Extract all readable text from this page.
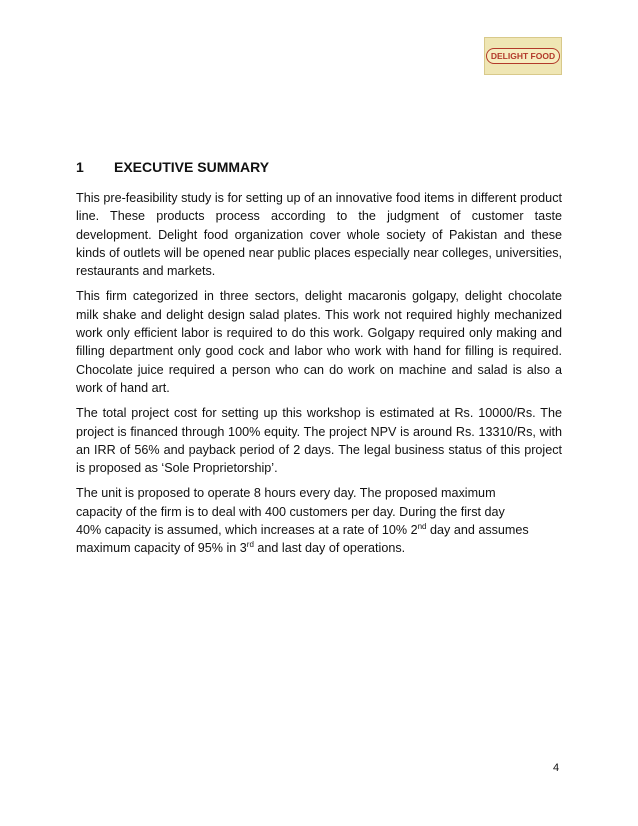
DELIGHT FOOD
1	EXECUTIVE SUMMARY

This pre-feasibility study is for setting up of an innovative food items in different product line. These products process according to the judgment of customer taste development. Delight food organization cover whole society of Pakistan and these kinds of outlets will be opened near public places especially near colleges, universities, restaurants and markets.

This firm categorized in three sectors, delight macaronis golgapy, delight chocolate milk shake and delight design salad plates. This work not required highly mechanized work only efficient labor is required to do this work. Golgapy required only making and filling department only good cock and labor who work with hand for filling is required. Chocolate juice required a person who can do work on machine and salad is also a work of hand art.

The total project cost for setting up this workshop is estimated at Rs. 10000/Rs. The project is financed through 100% equity. The project NPV is around Rs. 13310/Rs, with an IRR of 56% and payback period of 2 days. The legal business status of this project is proposed as ‘Sole Proprietorship’.

The unit is proposed to operate 8 hours every day. The proposed maximum
capacity of the firm is to deal with 400 customers per day. During the first day
40% capacity is assumed, which increases at a rate of 10% 2nd day and assumes
maximum capacity of 95% in 3rd and last day of operations.

4
